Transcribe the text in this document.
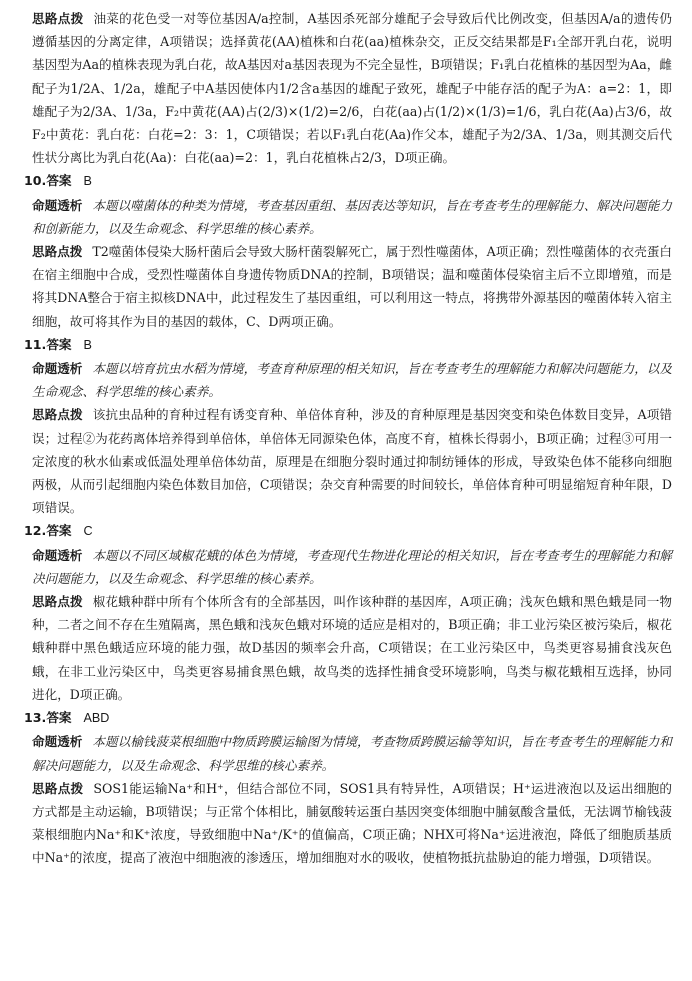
思路点拨 油菜的花色受一对等位基因A/a控制，A基因杀死部分雄配子会导致后代比例改变，但基因A/a的遗传仍遵循基因的分离定律，A项错误；选择黄花(AA)植株和白花(aa)植株杂交，正反交结果都是F₁全部开乳白花，说明基因型为Aa的植株表现为乳白花，故A基因对a基因表现为不完全显性，B项错误；F₁乳白花植株的基因型为Aa，雌配子为1/2A、1/2a，雄配子中A基因使体内1/2含a基因的雄配子致死，雄配子中能存活的配子为A：a=2：1，即雄配子为2/3A、1/3a，F₂中黄花(AA)占(2/3)×(1/2)=2/6，白花(aa)占(1/2)×(1/3)=1/6，乳白花(Aa)占3/6，故F₂中黄花：乳白花：白花=2：3：1，C项错误；若以F₁乳白花(Aa)作父本，雄配子为2/3A、1/3a，则其测交后代性状分离比为乳白花(Aa)：白花(aa)=2：1，乳白花植株占2/3，D项正确。

10.答案 B

命题透析 本题以噬菌体的种类为情境，考查基因重组、基因表达等知识，旨在考查考生的理解能力、解决问题能力和创新能力，以及生命观念、科学思维的核心素养。

思路点拨 T2噬菌体侵染大肠杆菌后会导致大肠杆菌裂解死亡，属于烈性噬菌体，A项正确；烈性噬菌体的衣壳蛋白在宿主细胞中合成，受烈性噬菌体自身遗传物质DNA的控制，B项错误；温和噬菌体侵染宿主后不立即增殖，而是将其DNA整合于宿主拟核DNA中，此过程发生了基因重组，可以利用这一特点，将携带外源基因的噬菌体转入宿主细胞，故可将其作为目的基因的载体，C、D两项正确。

11.答案 B

命题透析 本题以培育抗虫水稻为情境，考查育种原理的相关知识，旨在考查考生的理解能力和解决问题能力，以及生命观念、科学思维的核心素养。

思路点拨 该抗虫品种的育种过程有诱变育种、单倍体育种，涉及的育种原理是基因突变和染色体数目变异，A项错误；过程②为花药离体培养得到单倍体，单倍体无同源染色体，高度不育，植株长得弱小，B项正确；过程③可用一定浓度的秋水仙素或低温处理单倍体幼苗，原理是在细胞分裂时通过抑制纺锤体的形成，导致染色体不能移向细胞两极，从而引起细胞内染色体数目加倍，C项错误；杂交育种需要的时间较长，单倍体育种可明显缩短育种年限，D项错误。

12.答案 C

命题透析 本题以不同区域椒花蛾的体色为情境，考查现代生物进化理论的相关知识，旨在考查考生的理解能力和解决问题能力，以及生命观念、科学思维的核心素养。

思路点拨 椒花蛾种群中所有个体所含有的全部基因，叫作该种群的基因库，A项正确；浅灰色蛾和黑色蛾是同一物种，二者之间不存在生殖隔离，黑色蛾和浅灰色蛾对环境的适应是相对的，B项正确；非工业污染区被污染后，椒花蛾种群中黑色蛾适应环境的能力强，故D基因的频率会升高，C项错误；在工业污染区中，鸟类更容易捕食浅灰色蛾，在非工业污染区中，鸟类更容易捕食黑色蛾，故鸟类的选择性捕食受环境影响，鸟类与椒花蛾相互选择，协同进化，D项正确。

13.答案 ABD

命题透析 本题以榆钱菠菜根细胞中物质跨膜运输图为情境，考查物质跨膜运输等知识，旨在考查考生的理解能力和解决问题能力，以及生命观念、科学思维的核心素养。

思路点拨 SOS1能运输Na⁺和H⁺，但结合部位不同，SOS1具有特异性，A项错误；H⁺运进液泡以及运出细胞的方式都是主动运输，B项错误；与正常个体相比，脯氨酸转运蛋白基因突变体细胞中脯氨酸含量低，无法调节榆钱菠菜根细胞内Na⁺和K⁺浓度，导致细胞中Na⁺/K⁺的值偏高，C项正确；NHX可将Na⁺运进液泡，降低了细胞质基质中Na⁺的浓度，提高了液泡中细胞液的渗透压，增加细胞对水的吸收，使植物抵抗盐胁迫的能力增强，D项错误。
